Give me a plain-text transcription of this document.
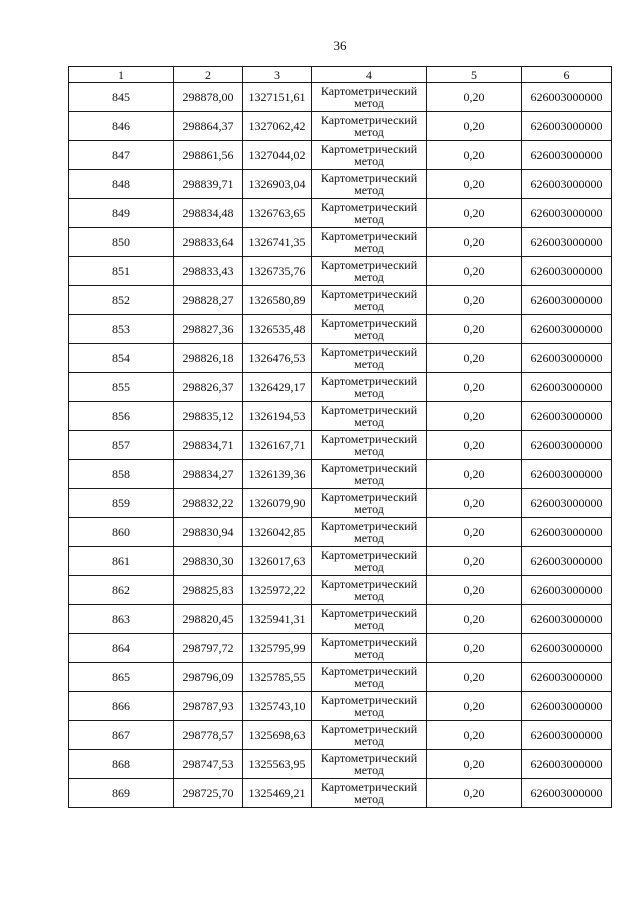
36
1	2	3	4	5	6
845	298878,00	1327151,61	Картометрический метод	0,20	626003000000
846	298864,37	1327062,42	Картометрический метод	0,20	626003000000
847	298861,56	1327044,02	Картометрический метод	0,20	626003000000
848	298839,71	1326903,04	Картометрический метод	0,20	626003000000
849	298834,48	1326763,65	Картометрический метод	0,20	626003000000
850	298833,64	1326741,35	Картометрический метод	0,20	626003000000
851	298833,43	1326735,76	Картометрический метод	0,20	626003000000
852	298828,27	1326580,89	Картометрический метод	0,20	626003000000
853	298827,36	1326535,48	Картометрический метод	0,20	626003000000
854	298826,18	1326476,53	Картометрический метод	0,20	626003000000
855	298826,37	1326429,17	Картометрический метод	0,20	626003000000
856	298835,12	1326194,53	Картометрический метод	0,20	626003000000
857	298834,71	1326167,71	Картометрический метод	0,20	626003000000
858	298834,27	1326139,36	Картометрический метод	0,20	626003000000
859	298832,22	1326079,90	Картометрический метод	0,20	626003000000
860	298830,94	1326042,85	Картометрический метод	0,20	626003000000
861	298830,30	1326017,63	Картометрический метод	0,20	626003000000
862	298825,83	1325972,22	Картометрический метод	0,20	626003000000
863	298820,45	1325941,31	Картометрический метод	0,20	626003000000
864	298797,72	1325795,99	Картометрический метод	0,20	626003000000
865	298796,09	1325785,55	Картометрический метод	0,20	626003000000
866	298787,93	1325743,10	Картометрический метод	0,20	626003000000
867	298778,57	1325698,63	Картометрический метод	0,20	626003000000
868	298747,53	1325563,95	Картометрический метод	0,20	626003000000
869	298725,70	1325469,21	Картометрический метод	0,20	626003000000
